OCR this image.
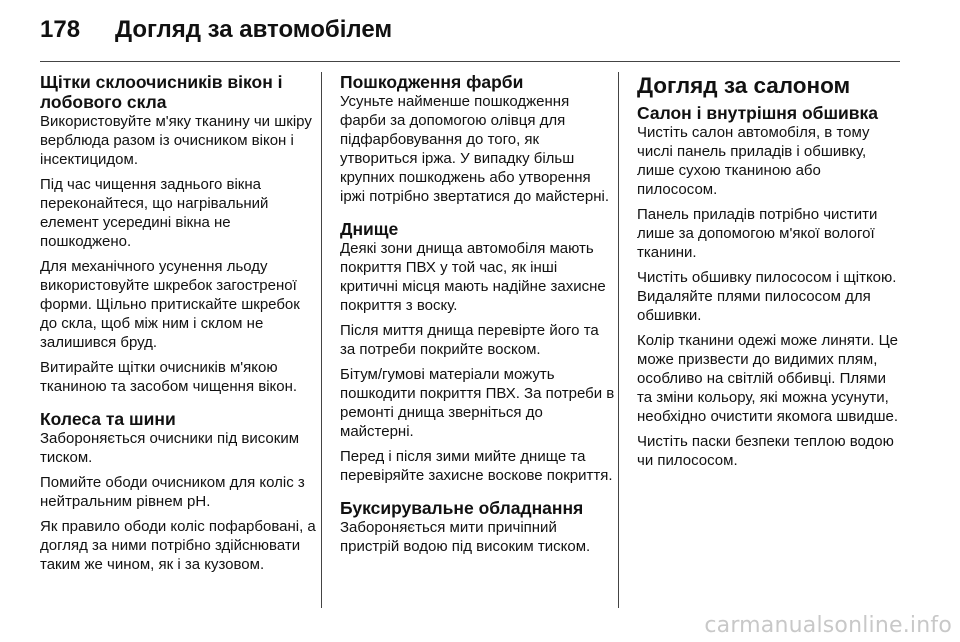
178	Догляд за автомобілем
Щітки склоочисників вікон і лобового скла

Використовуйте м'яку тканину чи шкіру верблюда разом із очисником вікон і інсектицидом.

Під час чищення заднього вікна переконайтеся, що нагрівальний елемент усередині вікна не пошкоджено.

Для механічного усунення льоду використовуйте шкребок загостреної форми. Щільно притискайте шкребок до скла, щоб між ним і склом не залишився бруд.

Витирайте щітки очисників м'якою тканиною та засобом чищення вікон.

Колеса та шини

Забороняється очисники під високим тиском.

Помийте ободи очисником для коліс з нейтральним рівнем pH.

Як правило ободи коліс пофарбовані, а догляд за ними потрібно здійснювати таким же чином, як і за кузовом.

Пошкодження фарби

Усуньте найменше пошкодження фарби за допомогою олівця для підфарбовування до того, як утвориться іржа. У випадку більш крупних пошкоджень або утворення іржі потрібно звертатися до майстерні.

Днище

Деякі зони днища автомобіля мають покриття ПВХ у той час, як інші критичні місця мають надійне захисне покриття з воску.

Після миття днища перевірте його та за потреби покрийте воском.

Бітум/гумові матеріали можуть пошкодити покриття ПВХ. За потреби в ремонті днища зверніться до майстерні.

Перед і після зими мийте днище та перевіряйте захисне воскове покриття.

Буксирувальне обладнання

Забороняється мити причіпний пристрій водою під високим тиском.

Догляд за салоном
Салон і внутрішня обшивка

Чистіть салон автомобіля, в тому числі панель приладів і обшивку, лише сухою тканиною або пилососом.

Панель приладів потрібно чистити лише за допомогою м'якої вологої тканини.

Чистіть обшивку пилососом і щіткою. Видаляйте плями пилососом для обшивки.

Колір тканини одежі може линяти. Це може призвести до видимих плям, особливо на світлій оббивці. Плями та зміни кольору, які можна усунути, необхідно очистити якомога швидше.

Чистіть паски безпеки теплою водою чи пилососом.

carmanualsonline.info
